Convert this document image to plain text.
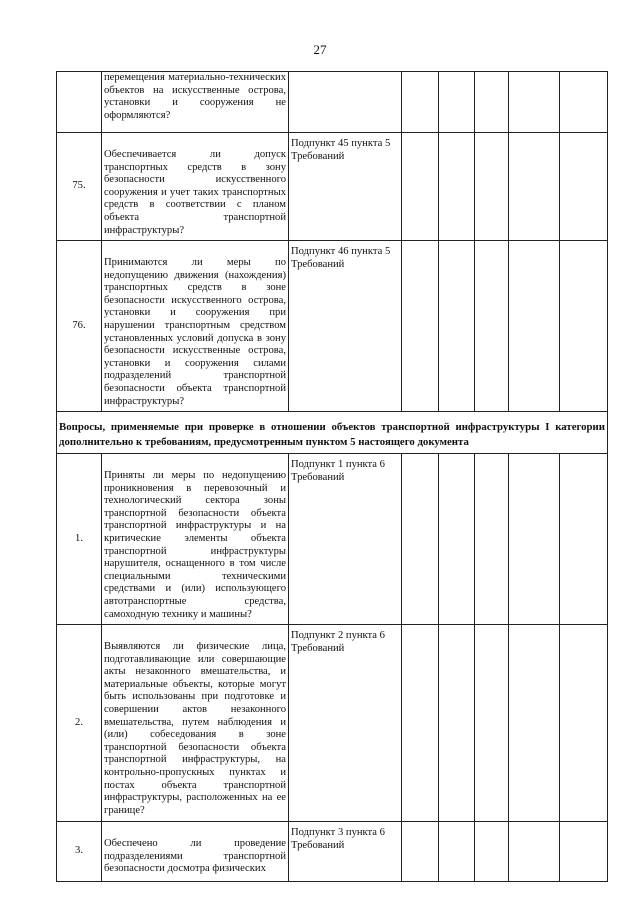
27

	перемещения материально-технических объектов на искусственные острова, установки и сооружения не оформляются?						

75.	Обеспечивается ли допуск транспортных средств в зону безопасности искусственного сооружения и учет таких транспортных средств в соответствии с планом объекта транспортной инфраструктуры?	Подпункт 45 пункта 5 Требований					

76.	Принимаются ли меры по недопущению движения (нахождения) транспортных средств в зоне безопасности искусственного острова, установки и сооружения при нарушении транспортным средством установленных условий допуска в зону безопасности искусственные острова, установки и сооружения силами подразделений транспортной безопасности объекта транспортной инфраструктуры?	Подпункт 46 пункта 5 Требований					

Вопросы, применяемые при проверке в отношении объектов транспортной инфраструктуры I категории дополнительно к требованиям, предусмотренным пунктом 5 настоящего документа							
1.	Приняты ли меры по недопущению проникновения в перевозочный и технологический сектора зоны транспортной безопасности объекта транспортной инфраструктуры и на критические элементы объекта транспортной инфраструктуры нарушителя, оснащенного в том числе специальными техническими средствами и (или) использующего автотранспортные средства, самоходную технику и машины?	Подпункт 1 пункта 6 Требований					

2.	Выявляются ли физические лица, подготавливающие или совершающие акты незаконного вмешательства, и материальные объекты, которые могут быть использованы при подготовке и совершении актов незаконного вмешательства, путем наблюдения и (или) собеседования в зоне транспортной безопасности объекта транспортной инфраструктуры, на контрольно-пропускных пунктах и постах объекта транспортной инфраструктуры, расположенных на ее границе?	Подпункт 2 пункта 6 Требований					

3.	Обеспечено ли проведение подразделениями транспортной безопасности досмотра физических	Подпункт 3 пункта 6 Требований					
